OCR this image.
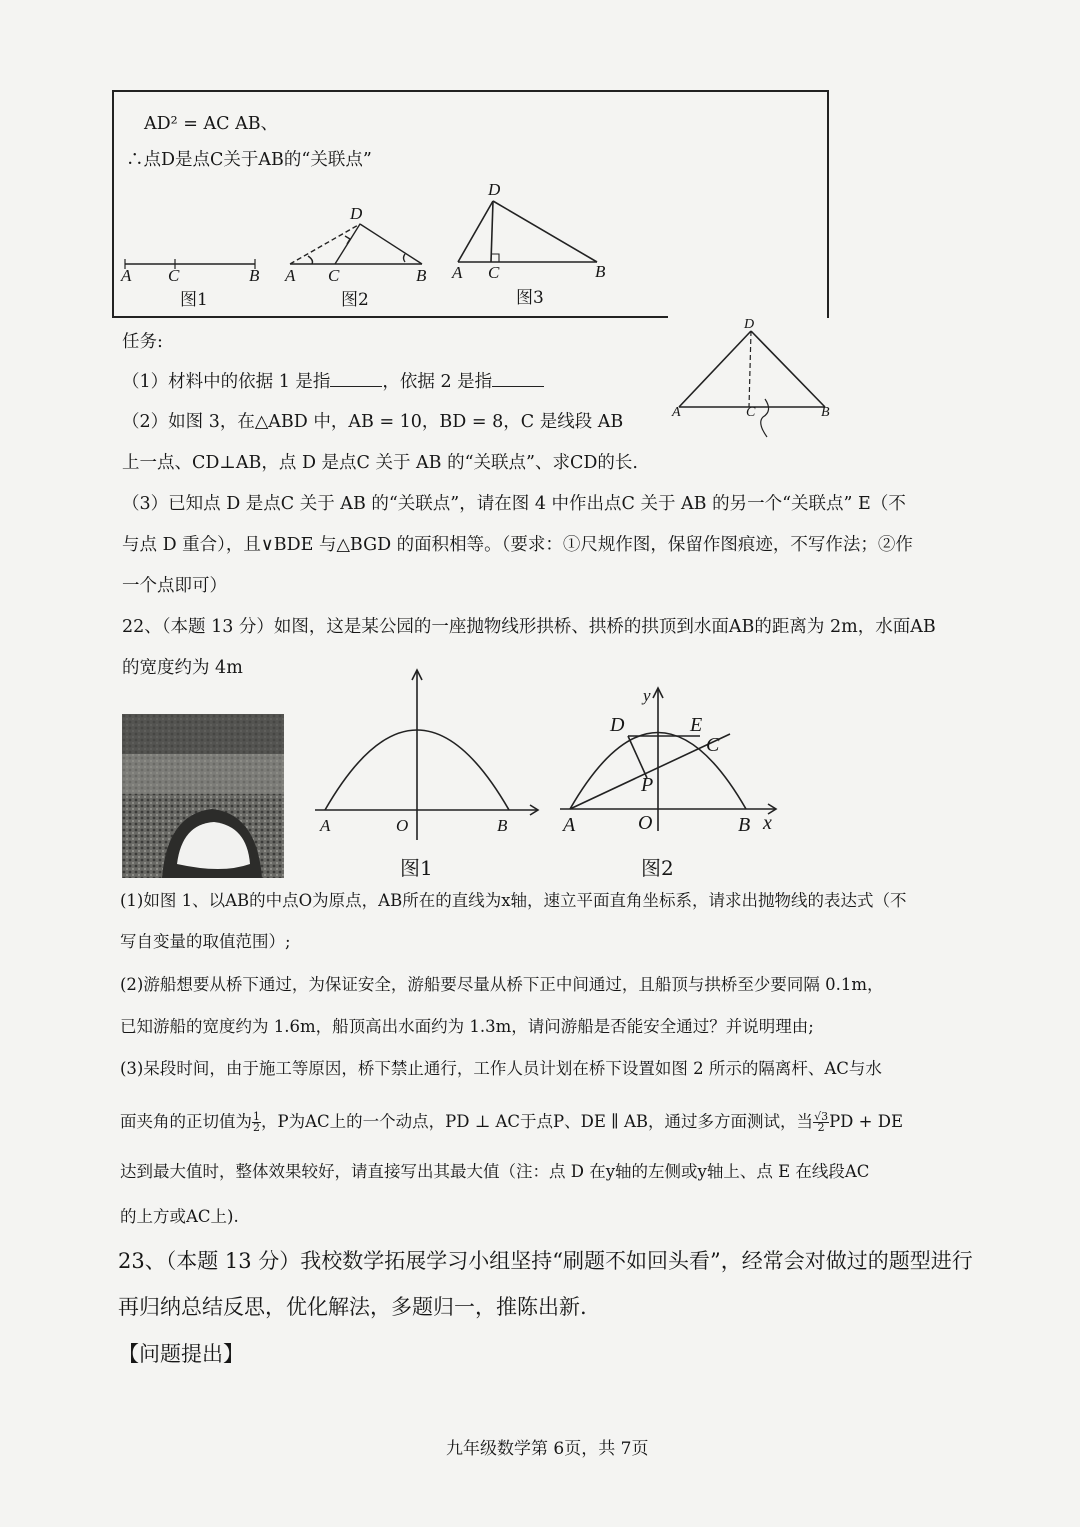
AD² = AC AB、
∴点D是点C关于AB的“关联点”
A C	B
D
A C	B
D
A C	B
图1	图2	图3
D
A	C	B
任务:
（1）材料中的依据 1 是指	，依据 2 是指
（2）如图 3，在△ABD 中，AB = 10，BD = 8，C 是线段 AB
上一点、CD⊥AB，点 D 是点C 关于 AB 的“关联点”、求CD的长.
（3）已知点 D 是点C 关于 AB 的“关联点”，请在图 4 中作出点C 关于 AB 的另一个“关联点” E（不
与点 D 重合），且∨BDE 与△BGD 的面积相等。（要求：①尺规作图，保留作图痕迹，不写作法；②作
一个点即可）
22、（本题 13 分）如图，这是某公园的一座抛物线形拱桥、拱桥的拱顶到水面AB的距离为 2m，水面AB
的宽度约为 4m
A	O	B
图1
y
D	E
C
P
A	O	B x
图2
(1)如图 1、以AB的中点O为原点，AB所在的直线为x轴，速立平面直角坐标系，请求出抛物线的表达式（不
写自变量的取值范围）;
(2)游船想要从桥下通过，为保证安全，游船要尽量从桥下正中间通过，且船顶与拱桥至少要同隔 0.1m，
已知游船的宽度约为 1.6m，船顶高出水面约为 1.3m，请问游船是否能安全通过？并说明理由;
(3)呆段时间，由于施工等原因，桥下禁止通行，工作人员计划在桥下设置如图 2 所示的隔离杆、AC与水
面夹角的正切值为 $\frac{1}{2}$ ，P为AC上的一个动点，PD ⊥ AC于点P、DE ∥ AB，通过多方面测试，当 $\frac{√3}{2}$ PD + DE
达到最大值时，整体效果较好，请直接写出其最大值（注：点 D 在y轴的左侧或y轴上、点 E 在线段AC
的上方或AC上).
23、（本题 13 分）我校数学拓展学习小组坚持“刷题不如回头看”，经常会对做过的题型进行
再归纳总结反思，优化解法，多题归一，推陈出新.
【问题提出】
九年级数学第 6页，共 7页
